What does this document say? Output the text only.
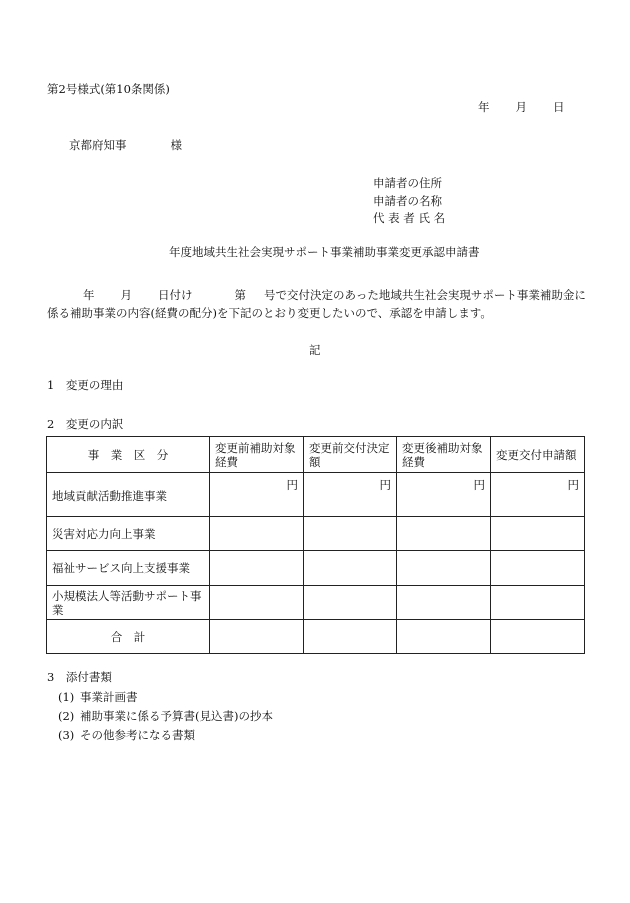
第2号様式(第10条関係)
年 月 日
京都府知事	様
申請者の住所
申請者の名称
代 表 者 氏 名
年度地域共生社会実現サポート事業補助事業変更承認申請書
年 月 日付け	第 号で交付決定のあった地域共生社会実現サポート事業補助金に係る補助事業の内容(経費の配分)を下記のとおり変更したいので、承認を申請します。
記
1　変更の理由
2　変更の内訳
事　業　区　分	変更前補助対象経費	変更前交付決定額	変更後補助対象経費	変更交付申請額
地域貢献活動推進事業	円	円	円	円
災害対応力向上事業				
福祉サービス向上支援事業				
小規模法人等活動サポート事業				
合　計				
3　添付書類
(1) 事業計画書
(2) 補助事業に係る予算書(見込書)の抄本
(3) その他参考になる書類
